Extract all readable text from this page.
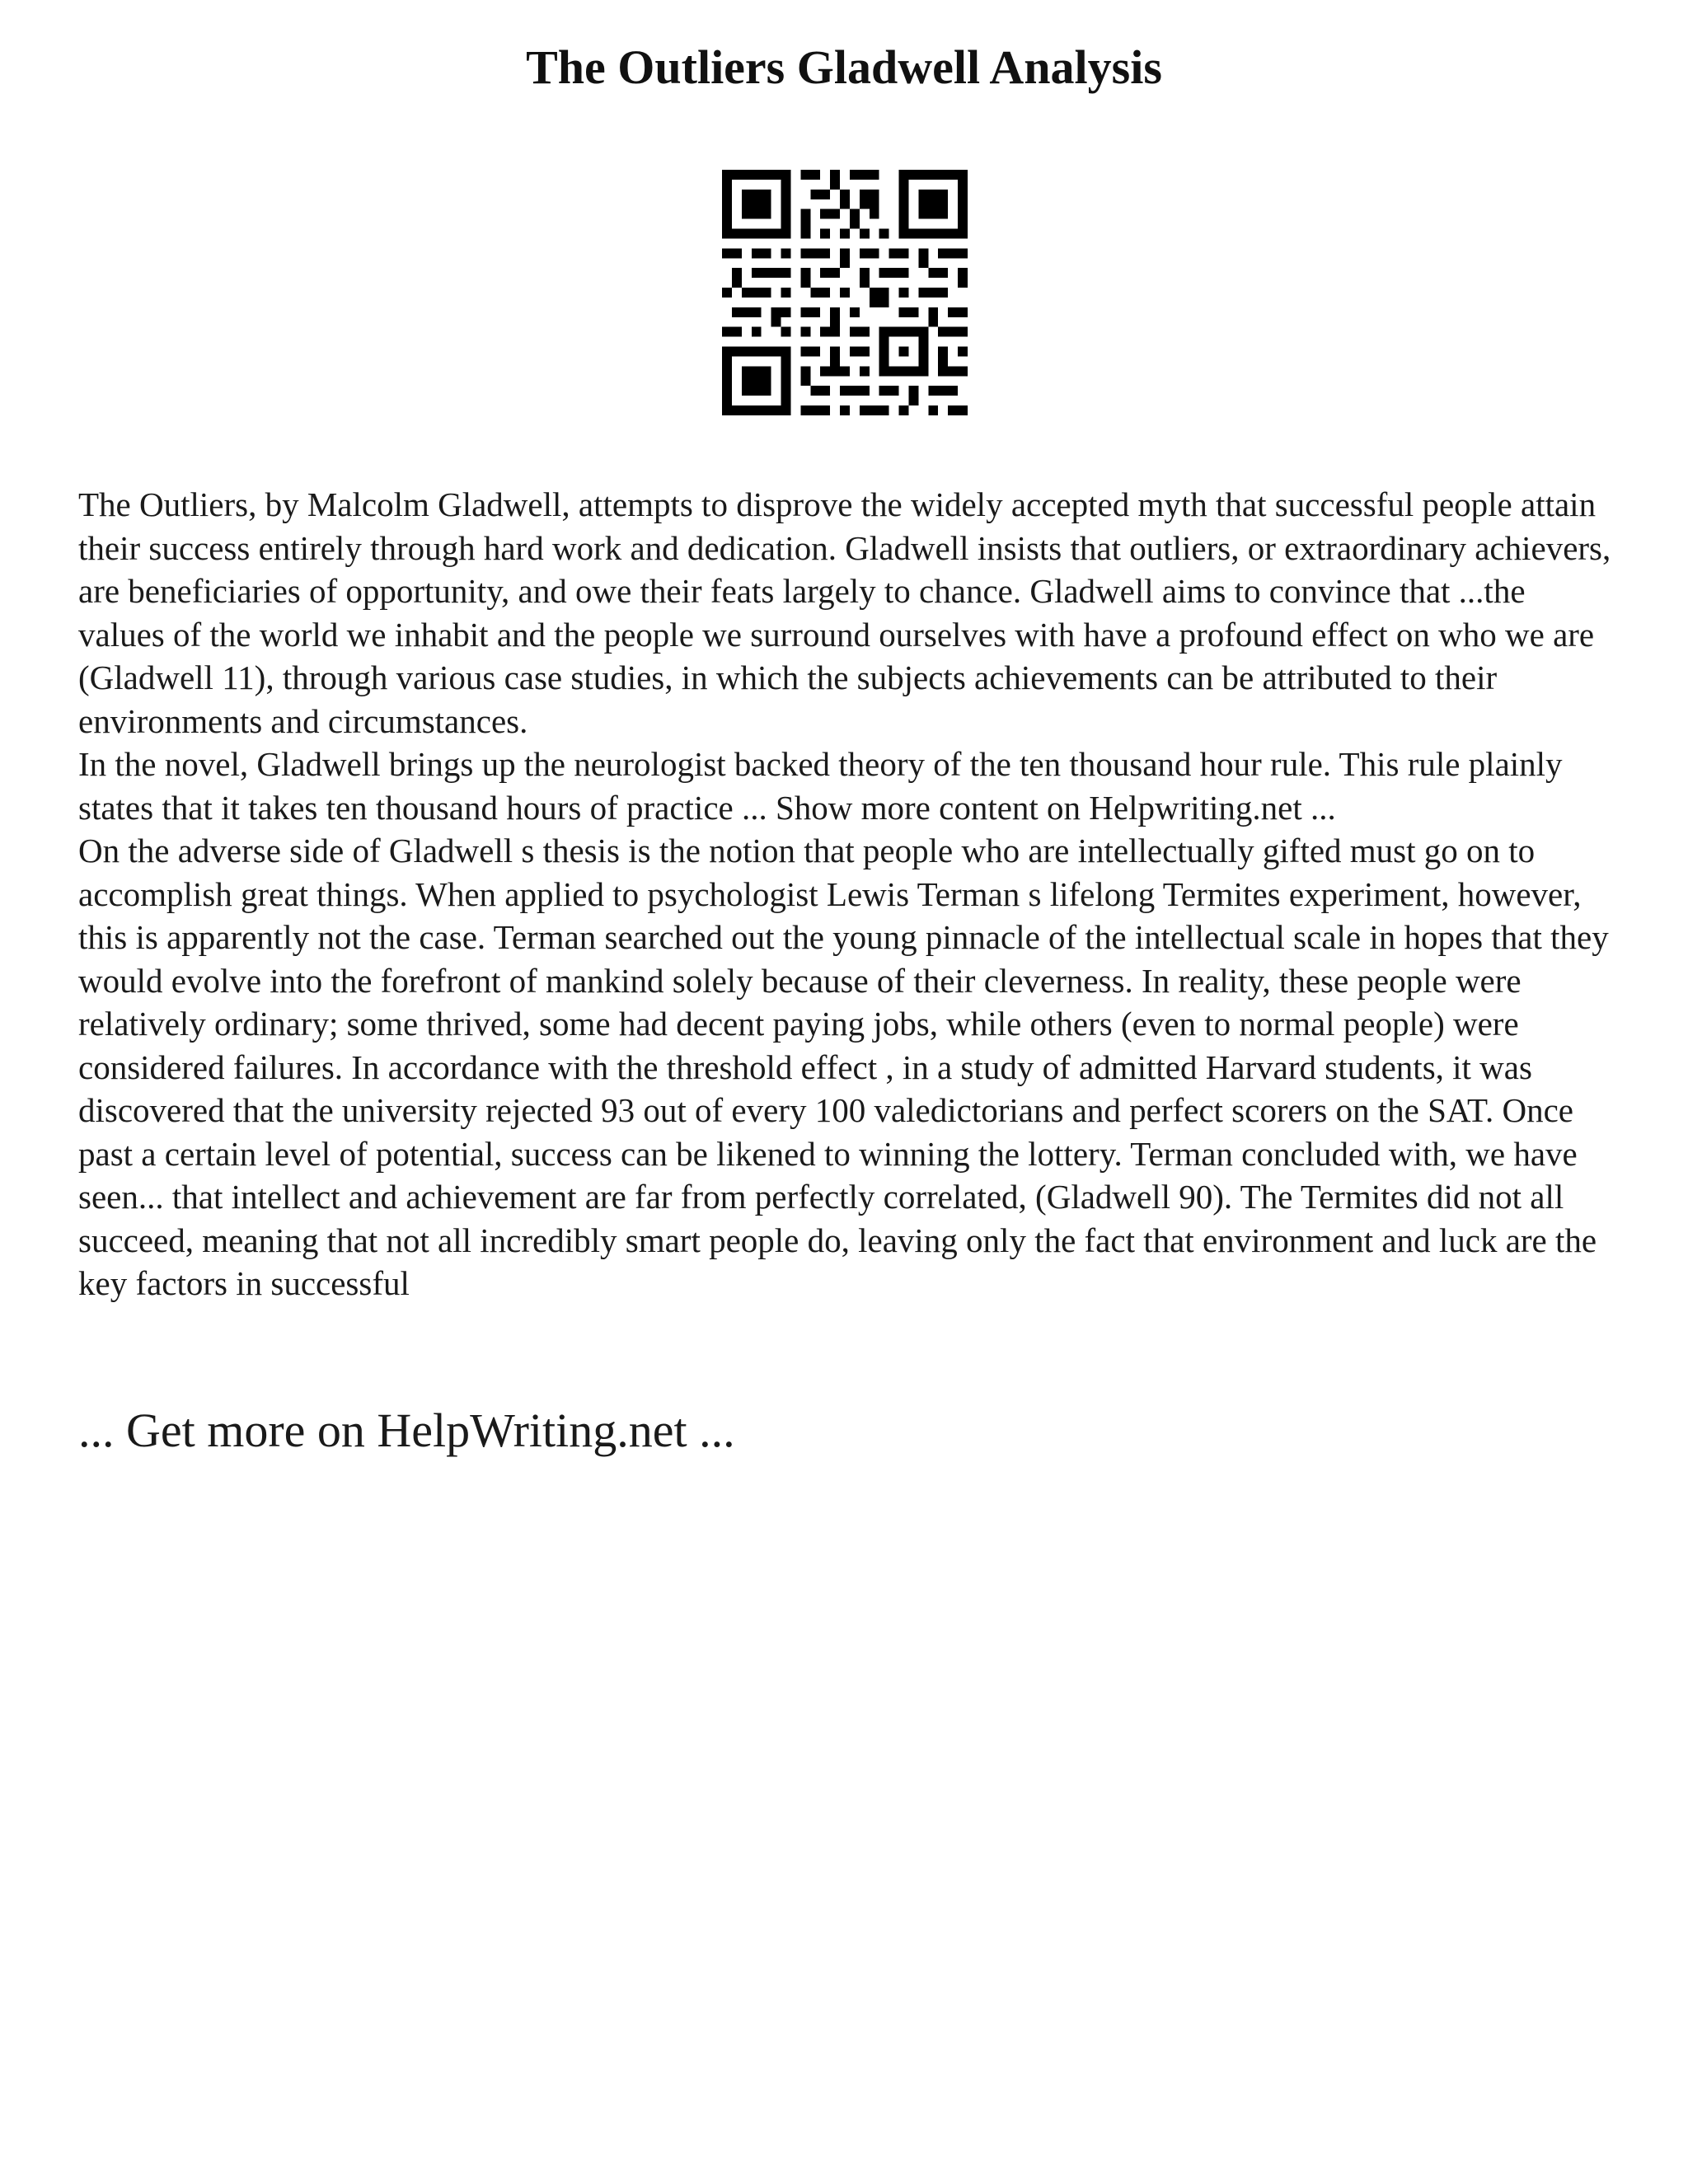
The Outliers Gladwell Analysis

The Outliers, by Malcolm Gladwell, attempts to disprove the widely accepted myth that successful people attain their success entirely through hard work and dedication. Gladwell insists that outliers, or extraordinary achievers, are beneficiaries of opportunity, and owe their feats largely to chance. Gladwell aims to convince that ...the values of the world we inhabit and the people we surround ourselves with have a profound effect on who we are (Gladwell 11), through various case studies, in which the subjects achievements can be attributed to their environments and circumstances.

In the novel, Gladwell brings up the neurologist backed theory of the ten thousand hour rule. This rule plainly states that it takes ten thousand hours of practice ... Show more content on Helpwriting.net ...

On the adverse side of Gladwell s thesis is the notion that people who are intellectually gifted must go on to accomplish great things. When applied to psychologist Lewis Terman s lifelong Termites experiment, however, this is apparently not the case. Terman searched out the young pinnacle of the intellectual scale in hopes that they would evolve into the forefront of mankind solely because of their cleverness. In reality, these people were relatively ordinary; some thrived, some had decent paying jobs, while others (even to normal people) were considered failures. In accordance with the threshold effect , in a study of admitted Harvard students, it was discovered that the university rejected 93 out of every 100 valedictorians and perfect scorers on the SAT. Once past a certain level of potential, success can be likened to winning the lottery. Terman concluded with, we have seen... that intellect and achievement are far from perfectly correlated, (Gladwell 90). The Termites did not all succeed, meaning that not all incredibly smart people do, leaving only the fact that environment and luck are the key factors in successful

... Get more on HelpWriting.net ...
